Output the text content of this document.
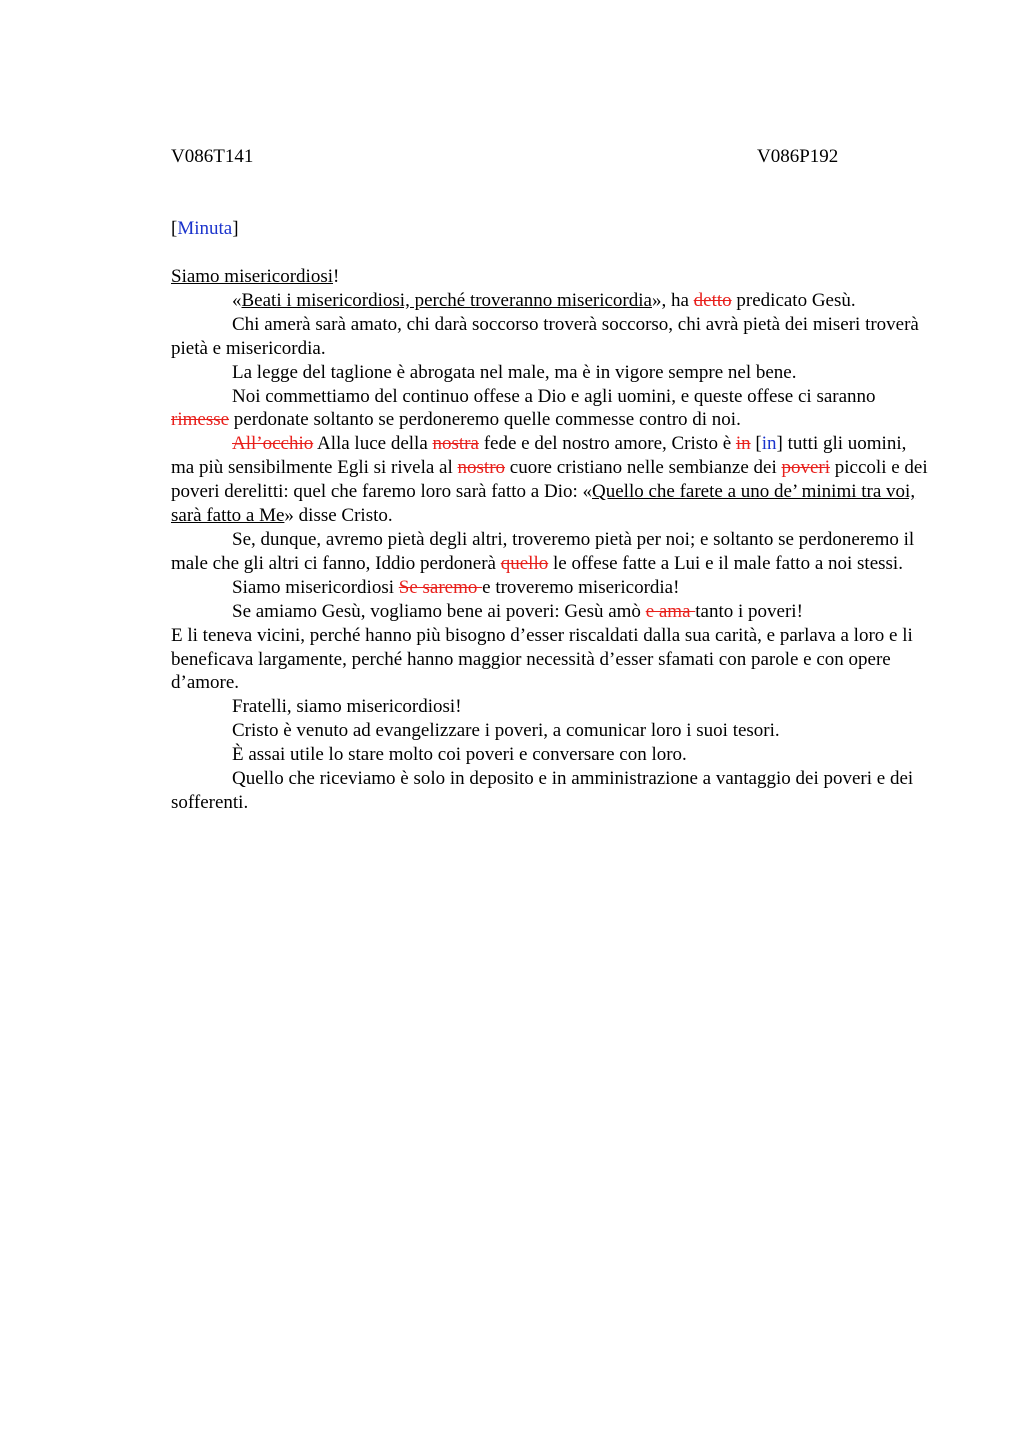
V086T141	V086P192
[Minuta]

Siamo misericordiosi!

«Beati i misericordiosi, perché troveranno misericordia», ha detto predicato Gesù.

Chi amerà sarà amato, chi darà soccorso troverà soccorso, chi avrà pietà dei miseri troverà pietà e misericordia.

La legge del taglione è abrogata nel male, ma è in vigore sempre nel bene.

Noi commettiamo del continuo offese a Dio e agli uomini, e queste offese ci saranno rimesse perdonate soltanto se perdoneremo quelle commesse contro di noi.

All’occhio Alla luce della nostra fede e del nostro amore, Cristo è in [in] tutti gli uomini, ma più sensibilmente Egli si rivela al nostro cuore cristiano nelle sembianze dei poveri piccoli e dei poveri derelitti: quel che faremo loro sarà fatto a Dio: «Quello che farete a uno de’ minimi tra voi, sarà fatto a Me» disse Cristo.

Se, dunque, avremo pietà degli altri, troveremo pietà per noi; e soltanto se perdoneremo il male che gli altri ci fanno, Iddio perdonerà quello le offese fatte a Lui e il male fatto a noi stessi.

Siamo misericordiosi Se saremo e troveremo misericordia!

Se amiamo Gesù, vogliamo bene ai poveri: Gesù amò e ama tanto i poveri!

E li teneva vicini, perché hanno più bisogno d’esser riscaldati dalla sua carità, e parlava a loro e li beneficava largamente, perché hanno maggior necessità d’esser sfamati con parole e con opere d’amore.

Fratelli, siamo misericordiosi!

Cristo è venuto ad evangelizzare i poveri, a comunicar loro i suoi tesori.

È assai utile lo stare molto coi poveri e conversare con loro.

Quello che riceviamo è solo in deposito e in amministrazione a vantaggio dei poveri e dei sofferenti.
